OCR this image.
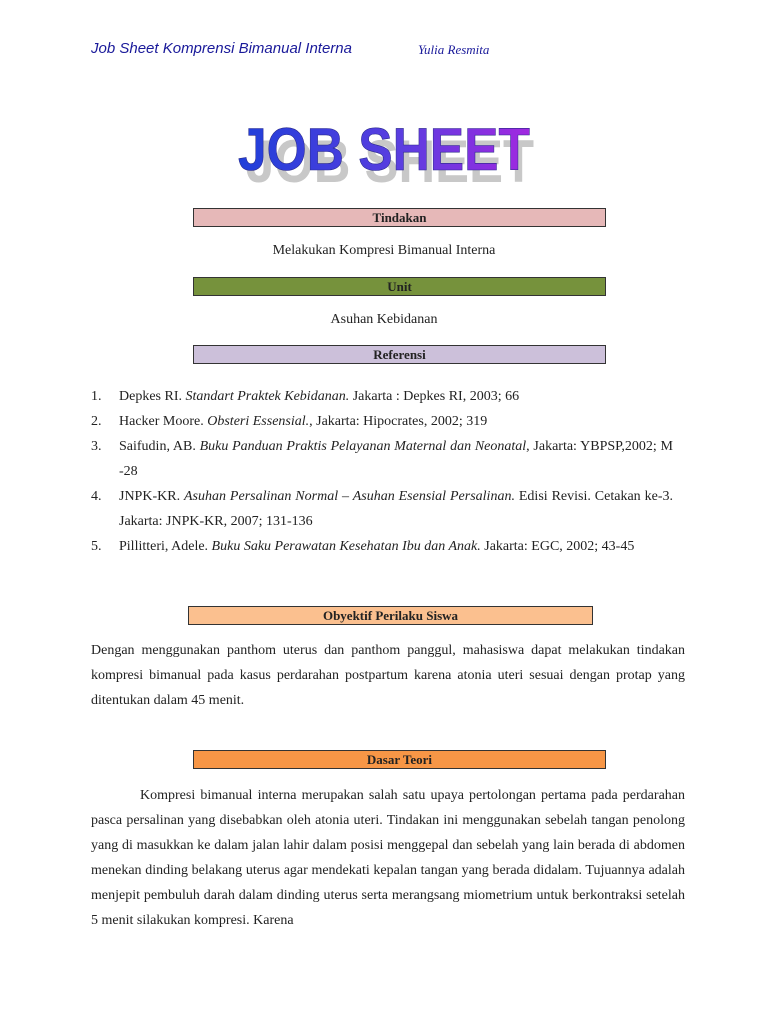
Job Sheet Komprensi Bimanual Interna	Yulia Resmita
JOB SHEET
JOB SHEET
Tindakan
Melakukan Kompresi Bimanual Interna
Unit
Asuhan Kebidanan
Referensi
1. Depkes RI. Standart Praktek Kebidanan. Jakarta : Depkes RI, 2003; 66
2. Hacker Moore. Obsteri Essensial., Jakarta: Hipocrates, 2002; 319
3. Saifudin, AB. Buku Panduan Praktis Pelayanan Maternal dan Neonatal, Jakarta: YBPSP,2002; M -28
4. JNPK-KR. Asuhan Persalinan Normal – Asuhan Esensial Persalinan. Edisi Revisi. Cetakan ke-3. Jakarta: JNPK-KR, 2007; 131-136
5. Pillitteri, Adele. Buku Saku Perawatan Kesehatan Ibu dan Anak. Jakarta: EGC, 2002; 43-45
Obyektif Perilaku Siswa
Dengan menggunakan panthom uterus dan panthom panggul, mahasiswa dapat melakukan tindakan kompresi bimanual pada kasus perdarahan postpartum karena atonia uteri sesuai dengan protap yang ditentukan dalam 45 menit.
Dasar Teori
Kompresi bimanual interna merupakan salah satu upaya pertolongan pertama pada perdarahan pasca persalinan yang disebabkan oleh atonia uteri. Tindakan ini menggunakan sebelah tangan penolong yang di masukkan ke dalam jalan lahir dalam posisi menggepal dan sebelah yang lain berada di abdomen menekan dinding belakang uterus agar mendekati kepalan tangan yang berada didalam. Tujuannya adalah menjepit pembuluh darah dalam dinding uterus serta merangsang miometrium untuk berkontraksi setelah 5 menit silakukan kompresi. Karena
